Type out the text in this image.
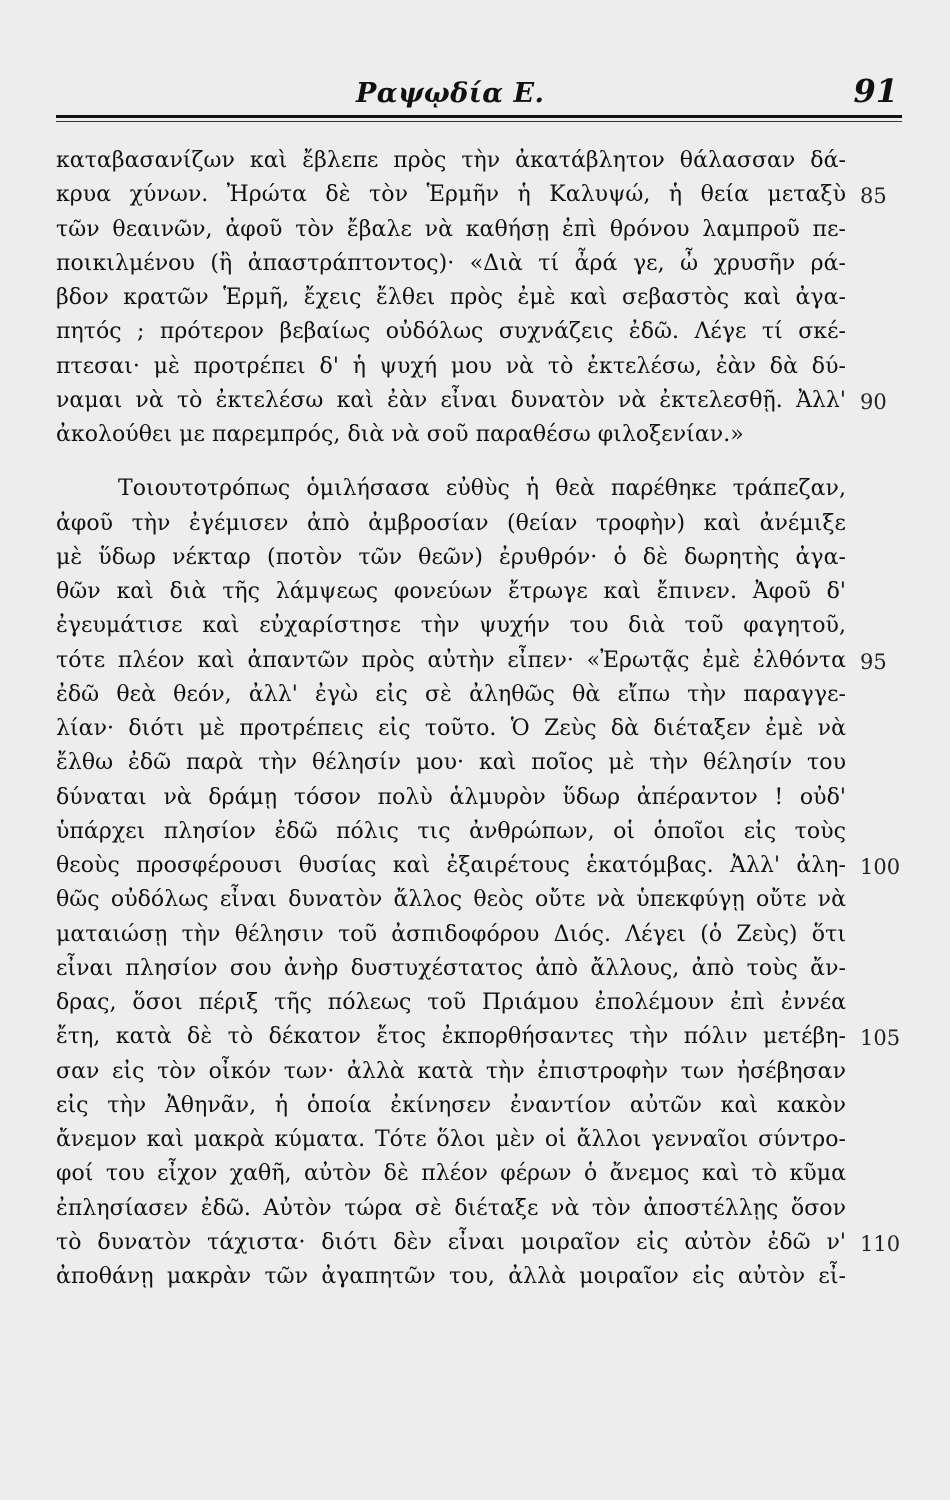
Ραψῳδία Ε.	91
καταβασανίζων καὶ ἔβλεπε πρὸς τὴν ἀκατάβλητον θάλασσαν δά-
κρυα χύνων. Ἠρώτα δὲ τὸν Ἑρμῆν ἡ Καλυψώ, ἡ θεία μεταξὺ
τῶν θεαινῶν, ἀφοῦ τὸν ἔβαλε νὰ καθήσῃ ἐπὶ θρόνου λαμπροῦ πε-
ποικιλμένου (ἢ ἀπαστράπτοντος)· «Διὰ τί ἆρά γε, ὦ χρυσῆν ρά-
βδον κρατῶν Ἑρμῆ, ἔχεις ἔλθει πρὸς ἐμὲ καὶ σεβαστὸς καὶ ἀγα-
πητός ; πρότερον βεβαίως οὐδόλως συχνάζεις ἐδῶ. Λέγε τί σκέ-
πτεσαι· μὲ προτρέπει δ' ἡ ψυχή μου νὰ τὸ ἐκτελέσω, ἐὰν δὰ δύ-
ναμαι νὰ τὸ ἐκτελέσω καὶ ἐὰν εἶναι δυνατὸν νὰ ἐκτελεσθῇ. Ἀλλ'
ἀκολούθει με παρεμπρός, διὰ νὰ σοῦ παραθέσω φιλοξενίαν.»
Τοιουτοτρόπως ὁμιλήσασα εὐθὺς ἡ θεὰ παρέθηκε τράπεζαν,
ἀφοῦ τὴν ἐγέμισεν ἀπὸ ἀμβροσίαν (θείαν τροφὴν) καὶ ἀνέμιξε
μὲ ὕδωρ νέκταρ (ποτὸν τῶν θεῶν) ἐρυθρόν· ὁ δὲ δωρητὴς ἀγα-
θῶν καὶ διὰ τῆς λάμψεως φονεύων ἔτρωγε καὶ ἔπινεν. Ἀφοῦ δ'
ἐγευμάτισε καὶ εὐχαρίστησε τὴν ψυχήν του διὰ τοῦ φαγητοῦ,
τότε πλέον καὶ ἀπαντῶν πρὸς αὐτὴν εἶπεν· «Ἐρωτᾷς ἐμὲ ἐλθόντα
ἐδῶ θεὰ θεόν, ἀλλ' ἐγὼ εἰς σὲ ἀληθῶς θὰ εἴπω τὴν παραγγε-
λίαν· διότι μὲ προτρέπεις εἰς τοῦτο. Ὁ Ζεὺς δὰ διέταξεν ἐμὲ νὰ
ἔλθω ἐδῶ παρὰ τὴν θέλησίν μου· καὶ ποῖος μὲ τὴν θέλησίν του
δύναται νὰ δράμῃ τόσον πολὺ ἁλμυρὸν ὕδωρ ἀπέραντον ! οὐδ'
ὑπάρχει πλησίον ἐδῶ πόλις τις ἀνθρώπων, οἱ ὁποῖοι εἰς τοὺς
θεοὺς προσφέρουσι θυσίας καὶ ἐξαιρέτους ἑκατόμβας. Ἀλλ' ἀλη-
θῶς οὐδόλως εἶναι δυνατὸν ἄλλος θεὸς οὔτε νὰ ὑπεκφύγῃ οὔτε νὰ
ματαιώσῃ τὴν θέλησιν τοῦ ἀσπιδοφόρου Διός. Λέγει (ὁ Ζεὺς) ὅτι
εἶναι πλησίον σου ἀνὴρ δυστυχέστατος ἀπὸ ἄλλους, ἀπὸ τοὺς ἄν-
δρας, ὅσοι πέριξ τῆς πόλεως τοῦ Πριάμου ἐπολέμουν ἐπὶ ἐννέα
ἔτη, κατὰ δὲ τὸ δέκατον ἔτος ἐκπορθήσαντες τὴν πόλιν μετέβη-
σαν εἰς τὸν οἶκόν των· ἀλλὰ κατὰ τὴν ἐπιστροφὴν των ἠσέβησαν
εἰς τὴν Ἀθηνᾶν, ἡ ὁποία ἐκίνησεν ἐναντίον αὐτῶν καὶ κακὸν
ἄνεμον καὶ μακρὰ κύματα. Τότε ὅλοι μὲν οἱ ἄλλοι γενναῖοι σύντρο-
φοί του εἶχον χαθῆ, αὐτὸν δὲ πλέον φέρων ὁ ἄνεμος καὶ τὸ κῦμα
ἐπλησίασεν ἐδῶ. Αὐτὸν τώρα σὲ διέταξε νὰ τὸν ἀποστέλλῃς ὅσον
τὸ δυνατὸν τάχιστα· διότι δὲν εἶναι μοιραῖον εἰς αὐτὸν ἐδῶ ν'
ἀποθάνῃ μακρὰν τῶν ἀγαπητῶν του, ἀλλὰ μοιραῖον εἰς αὐτὸν εἶ-
85
90
95
100
105
110
